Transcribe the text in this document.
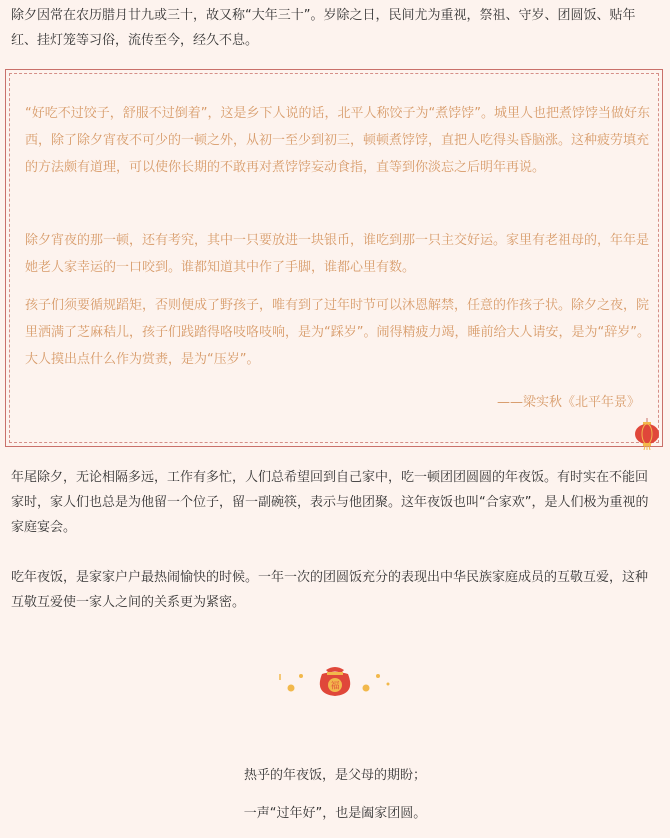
除夕因常在农历腊月廿九或三十，故又称“大年三十”。岁除之日，民间尤为重视，祭祖、守岁、团圆饭、贴年红、挂灯笼等习俗，流传至今，经久不息。

“好吃不过饺子，舒服不过倒着”，这是乡下人说的话，北平人称饺子为“煮饽饽”。城里人也把煮饽饽当做好东西，除了除夕宵夜不可少的一顿之外，从初一至少到初三，顿顿煮饽饽，直把人吃得头昏脑涨。这种疲劳填充的方法颇有道理，可以使你长期的不敢再对煮饽饽妄动食指，直等到你淡忘之后明年再说。

除夕宵夜的那一顿，还有考究，其中一只要放进一块银币，谁吃到那一只主交好运。家里有老祖母的，年年是她老人家幸运的一口咬到。谁都知道其中作了手脚，谁都心里有数。

孩子们须要循规蹈矩，否则便成了野孩子，唯有到了过年时节可以沐恩解禁，任意的作孩子状。除夕之夜，院里洒满了芝麻秸儿，孩子们践踏得咯吱咯吱响，是为“踩岁”。闹得精疲力竭，睡前给大人请安，是为“辞岁”。大人摸出点什么作为赏赉，是为“压岁”。

——梁实秋《北平年景》

年尾除夕，无论相隔多远，工作有多忙，人们总希望回到自己家中，吃一顿团团圆圆的年夜饭。有时实在不能回家时，家人们也总是为他留一个位子，留一副碗筷，表示与他团聚。这年夜饭也叫“合家欢”，是人们极为重视的家庭宴会。

吃年夜饭，是家家户户最热闹愉快的时候。一年一次的团圆饭充分的表现出中华民族家庭成员的互敬互爱，这种互敬互爱使一家人之间的关系更为紧密。

福

热乎的年夜饭，是父母的期盼；

一声“过年好”，也是阖家团圆。
